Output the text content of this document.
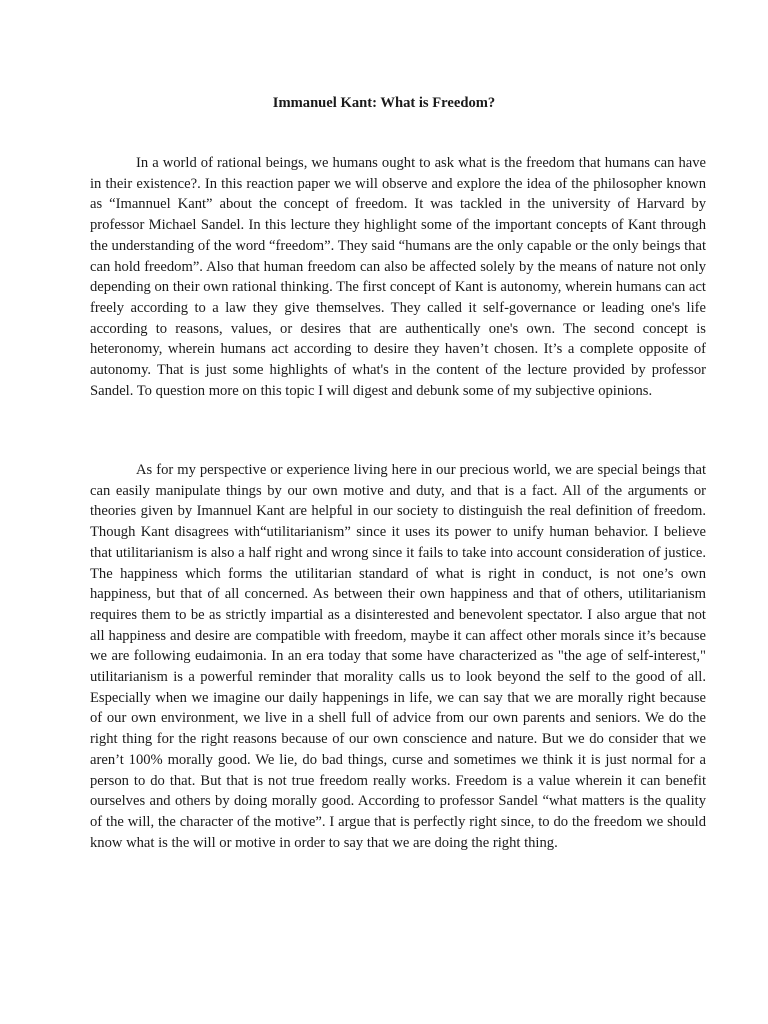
Immanuel Kant: What is Freedom?

In a world of rational beings, we humans ought to ask what is the freedom that humans can have in their existence?. In this reaction paper we will observe and explore the idea of the philosopher known as “Imannuel Kant” about the concept of freedom. It was tackled in the university of Harvard by professor Michael Sandel. In this lecture they highlight some of the important concepts of Kant through the understanding of the word “freedom”. They said “humans are the only capable or the only beings that can hold freedom”. Also that human freedom can also be affected solely by the means of nature not only depending on their own rational thinking. The first concept of Kant is autonomy, wherein humans can act freely according to a law they give themselves. They called it self-governance or leading one's life according to reasons, values, or desires that are authentically one's own. The second concept is heteronomy, wherein humans act according to desire they haven’t chosen. It’s a complete opposite of autonomy. That is just some highlights of what's in the content of the lecture provided by professor Sandel. To question more on this topic I will digest and debunk some of my subjective opinions.

As for my perspective or experience living here in our precious world, we are special beings that can easily manipulate things by our own motive and duty, and that is a fact. All of the arguments or theories given by Imannuel Kant are helpful in our society to distinguish the real definition of freedom. Though Kant disagrees with“utilitarianism” since it uses its power to unify human behavior. I believe that utilitarianism is also a half right and wrong since it fails to take into account consideration of justice. The happiness which forms the utilitarian standard of what is right in conduct, is not one’s own happiness, but that of all concerned. As between their own happiness and that of others, utilitarianism requires them to be as strictly impartial as a disinterested and benevolent spectator. I also argue that not all happiness and desire are compatible with freedom, maybe it can affect other morals since it’s because we are following eudaimonia. In an era today that some have characterized as "the age of self-interest," utilitarianism is a powerful reminder that morality calls us to look beyond the self to the good of all. Especially when we imagine our daily happenings in life, we can say that we are morally right because of our own environment, we live in a shell full of advice from our own parents and seniors. We do the right thing for the right reasons because of our own conscience and nature. But we do consider that we aren’t 100% morally good. We lie, do bad things, curse and sometimes we think it is just normal for a person to do that. But that is not true freedom really works. Freedom is a value wherein it can benefit ourselves and others by doing morally good. According to professor Sandel “what matters is the quality of the will, the character of the motive”. I argue that is perfectly right since, to do the freedom we should know what is the will or motive in order to say that we are doing the right thing.
